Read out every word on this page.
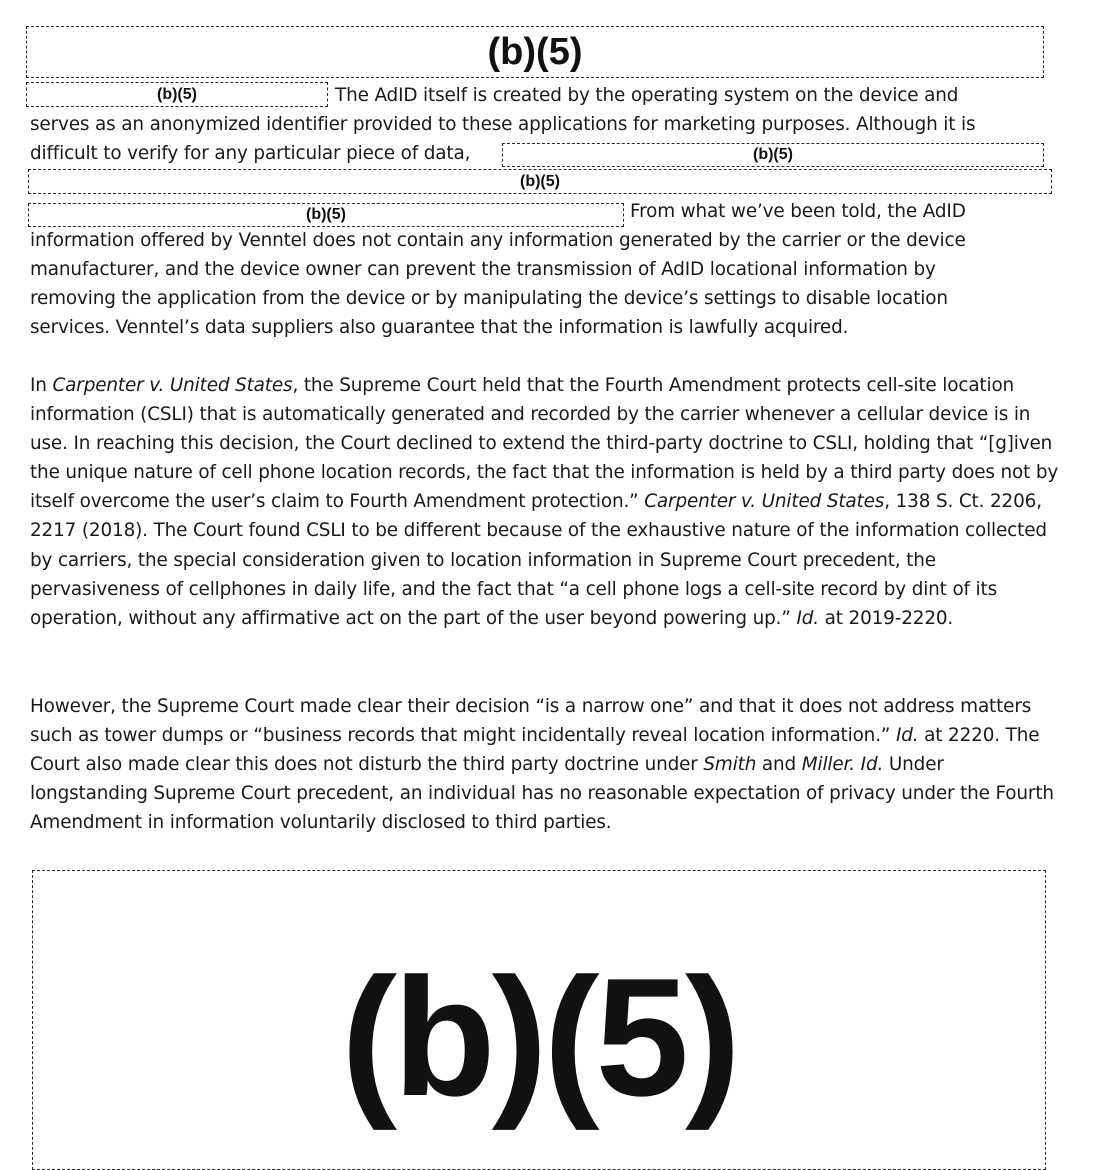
(b)(5)
(b)(5)	The AdID itself is created by the operating system on the device and
serves as an anonymized identifier provided to these applications for marketing purposes. Although it is
difficult to verify for any particular piece of data,	(b)(5)
(b)(5)
(b)(5)	From what we’ve been told, the AdID
information offered by Venntel does not contain any information generated by the carrier or the device
manufacturer, and the device owner can prevent the transmission of AdID locational information by
removing the application from the device or by manipulating the device’s settings to disable location
services. Venntel’s data suppliers also guarantee that the information is lawfully acquired.

In Carpenter v. United States, the Supreme Court held that the Fourth Amendment protects cell-site location information (CSLI) that is automatically generated and recorded by the carrier whenever a cellular device is in use. In reaching this decision, the Court declined to extend the third-party doctrine to CSLI, holding that “[g]iven the unique nature of cell phone location records, the fact that the information is held by a third party does not by itself overcome the user’s claim to Fourth Amendment protection.” Carpenter v. United States, 138 S. Ct. 2206, 2217 (2018). The Court found CSLI to be different because of the exhaustive nature of the information collected by carriers, the special consideration given to location information in Supreme Court precedent, the pervasiveness of cellphones in daily life, and the fact that “a cell phone logs a cell-site record by dint of its operation, without any affirmative act on the part of the user beyond powering up.” Id. at 2019-2220.

However, the Supreme Court made clear their decision “is a narrow one” and that it does not address matters such as tower dumps or “business records that might incidentally reveal location information.” Id. at 2220. The Court also made clear this does not disturb the third party doctrine under Smith and Miller. Id. Under longstanding Supreme Court precedent, an individual has no reasonable expectation of privacy under the Fourth Amendment in information voluntarily disclosed to third parties.

(b)(5)
